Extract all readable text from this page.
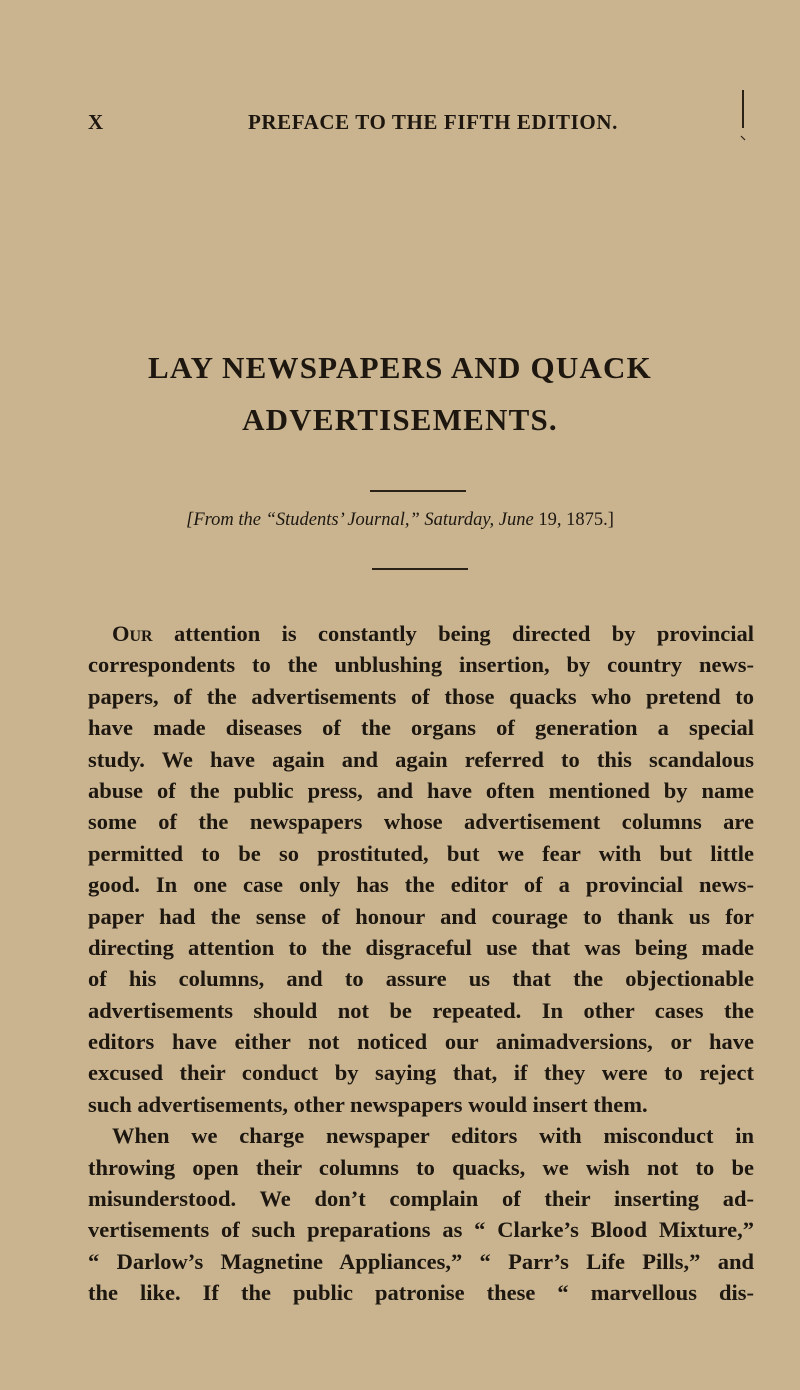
X	PREFACE TO THE FIFTH EDITION.
LAY NEWSPAPERS AND QUACK
ADVERTISEMENTS.
[From the “Students’ Journal,” Saturday, June 19, 1875.]
Our attention is constantly being directed by provincial
correspondents to the unblushing insertion, by country news-
papers, of the advertisements of those quacks who pretend to
have made diseases of the organs of generation a special
study. We have again and again referred to this scandalous
abuse of the public press, and have often mentioned by name
some of the newspapers whose advertisement columns are
permitted to be so prostituted, but we fear with but little
good. In one case only has the editor of a provincial news-
paper had the sense of honour and courage to thank us for
directing attention to the disgraceful use that was being made
of his columns, and to assure us that the objectionable
advertisements should not be repeated. In other cases the
editors have either not noticed our animadversions, or have
excused their conduct by saying that, if they were to reject
such advertisements, other newspapers would insert them.
When we charge newspaper editors with misconduct in
throwing open their columns to quacks, we wish not to be
misunderstood. We don’t complain of their inserting ad-
vertisements of such preparations as “ Clarke’s Blood Mixture,”
“ Darlow’s Magnetine Appliances,” “ Parr’s Life Pills,” and
the like. If the public patronise these “ marvellous dis-
